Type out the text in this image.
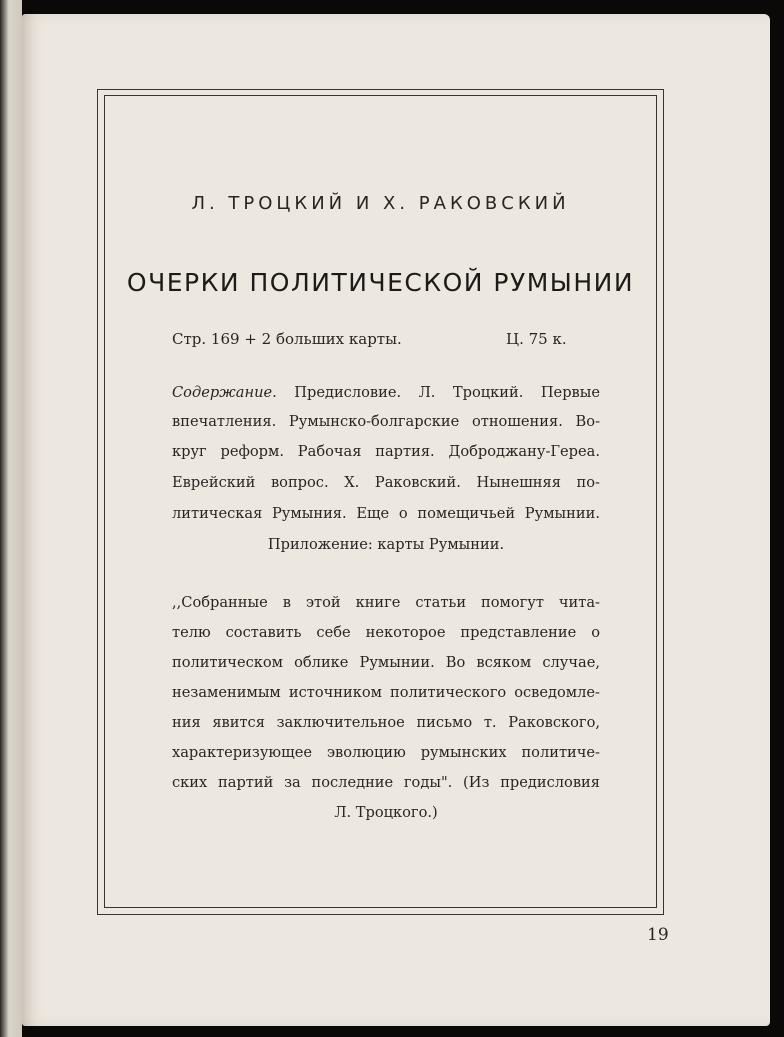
Л. ТРОЦКИЙ И Х. РАКОВСКИЙ
ОЧЕРКИ ПОЛИТИЧЕСКОЙ РУМЫНИИ
Стр. 169 + 2 больших карты.	Ц. 75 к.
Содержание. Предисловие. Л. Троцкий. Первые
впечатления. Румынско-болгарские отношения. Во-
круг реформ. Рабочая партия. Доброджану-Гереа.
Еврейский вопрос. Х. Раковский. Нынешняя по-
литическая Румыния. Еще о помещичьей Румынии.
Приложение: карты Румынии.
,,Собранные в этой книге статьи помогут чита-
телю составить себе некоторое представление о
политическом облике Румынии. Во всяком случае,
незаменимым источником политического осведомле-
ния явится заключительное письмо т. Раковского,
характеризующее эволюцию румынских политиче-
ских партий за последние годы". (Из предисловия
Л. Троцкого.)
19
